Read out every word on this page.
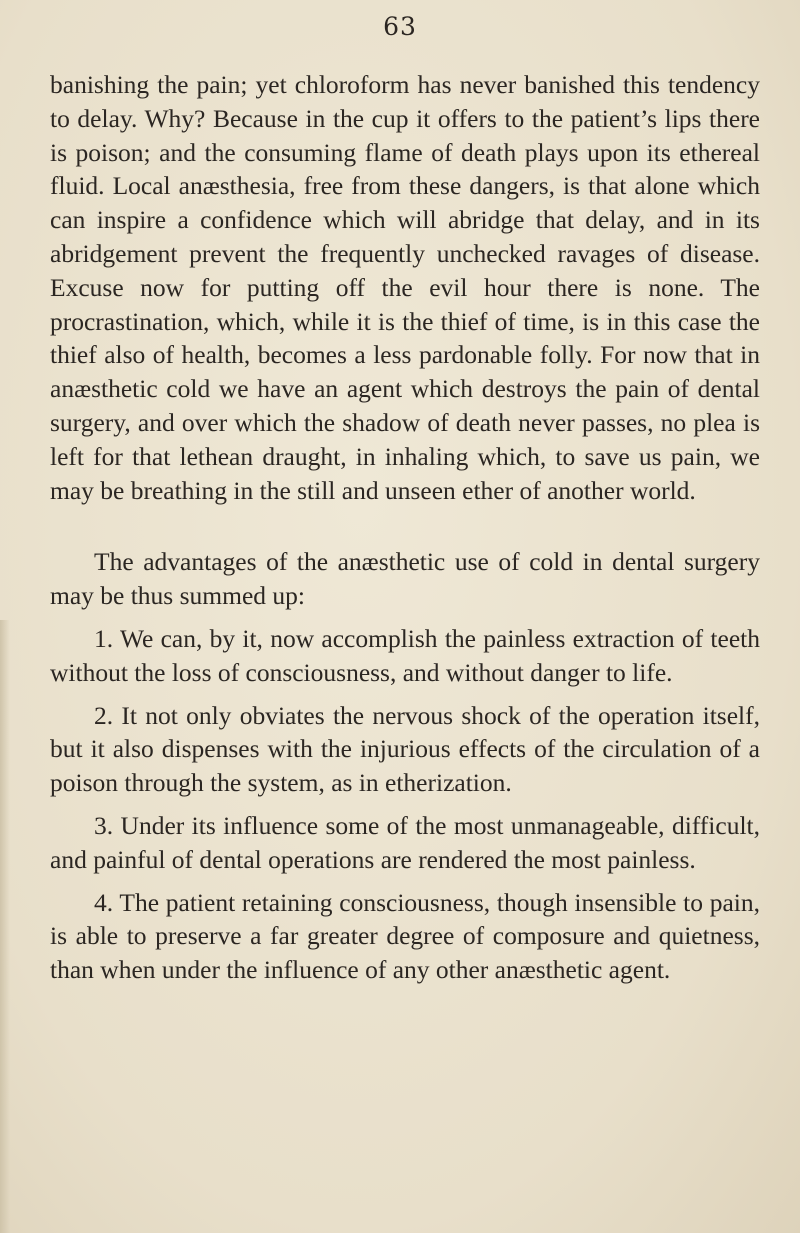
63

banishing the pain; yet chloroform has never banished this tendency to delay. Why? Because in the cup it offers to the patient’s lips there is poison; and the consuming flame of death plays upon its ethereal fluid. Local anæsthesia, free from these dangers, is that alone which can inspire a confidence which will abridge that delay, and in its abridgement prevent the frequently unchecked ravages of disease. Excuse now for putting off the evil hour there is none. The procrastination, which, while it is the thief of time, is in this case the thief also of health, becomes a less pardonable folly. For now that in anæsthetic cold we have an agent which destroys the pain of dental surgery, and over which the shadow of death never passes, no plea is left for that lethean draught, in inhaling which, to save us pain, we may be breathing in the still and unseen ether of another world.

The advantages of the anæsthetic use of cold in dental surgery may be thus summed up:

1. We can, by it, now accomplish the painless extraction of teeth without the loss of consciousness, and without danger to life.

2. It not only obviates the nervous shock of the operation itself, but it also dispenses with the injurious effects of the circulation of a poison through the system, as in etherization.

3. Under its influence some of the most unmanageable, difficult, and painful of dental operations are rendered the most painless.

4. The patient retaining consciousness, though insensible to pain, is able to preserve a far greater degree of composure and quietness, than when under the influence of any other anæsthetic agent.
